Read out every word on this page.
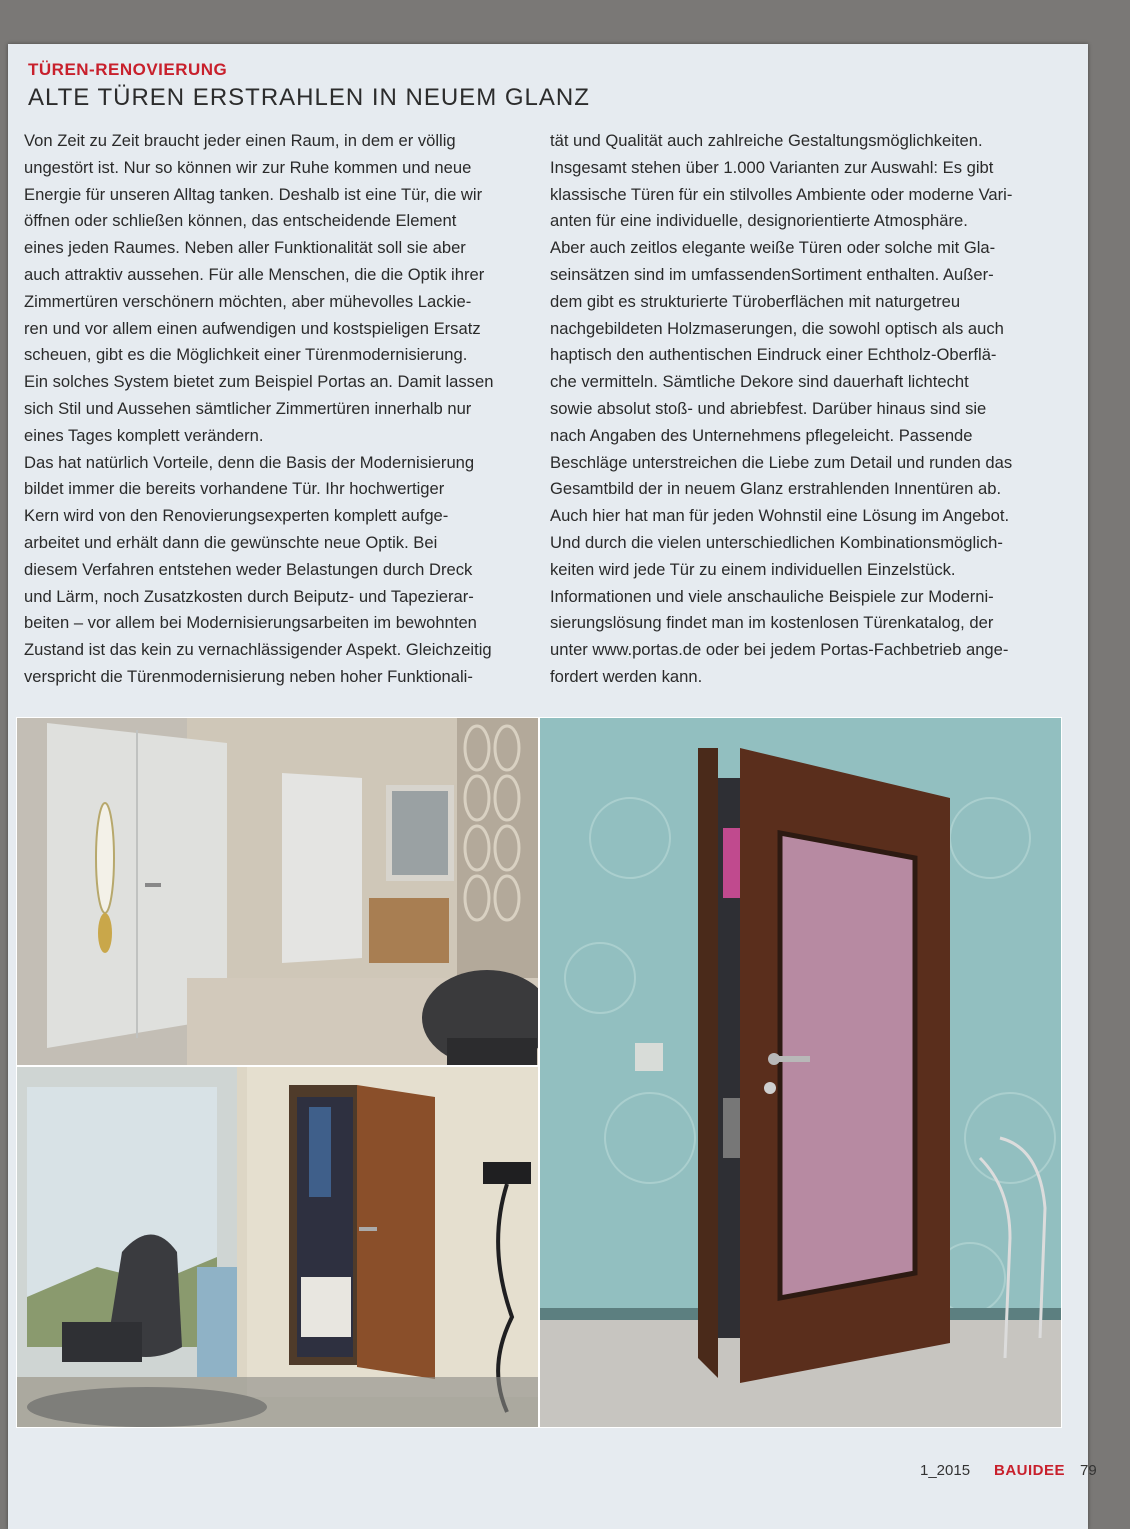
TÜREN-RENOVIERUNG
ALTE TÜREN ERSTRAHLEN IN NEUEM GLANZ
Von Zeit zu Zeit braucht jeder einen Raum, in dem er völlig
ungestört ist. Nur so können wir zur Ruhe kommen und neue
Energie für unseren Alltag tanken. Deshalb ist eine Tür, die wir
öffnen oder schließen können, das entscheidende Element
eines jeden Raumes. Neben aller Funktionalität soll sie aber
auch attraktiv aussehen. Für alle Menschen, die die Optik ihrer
Zimmertüren verschönern möchten, aber mühevolles Lackie-
ren und vor allem einen aufwendigen und kostspieligen Ersatz
scheuen, gibt es die Möglichkeit einer Türenmodernisierung.
Ein solches System bietet zum Beispiel Portas an. Damit lassen
sich Stil und Aussehen sämtlicher Zimmertüren innerhalb nur
eines Tages komplett verändern.
Das hat natürlich Vorteile, denn die Basis der Modernisierung
bildet immer die bereits vorhandene Tür. Ihr hochwertiger
Kern wird von den Renovierungsexperten komplett aufge-
arbeitet und erhält dann die gewünschte neue Optik. Bei
diesem Verfahren entstehen weder Belastungen durch Dreck
und Lärm, noch Zusatzkosten durch Beiputz- und Tapezierar-
beiten – vor allem bei Modernisierungsarbeiten im bewohnten
Zustand ist das kein zu vernachlässigender Aspekt. Gleichzeitig
verspricht die Türenmodernisierung neben hoher Funktionali-
tät und Qualität auch zahlreiche Gestaltungsmöglichkeiten.
Insgesamt stehen über 1.000 Varianten zur Auswahl: Es gibt
klassische Türen für ein stilvolles Ambiente oder moderne Vari-
anten für eine individuelle, designorientierte Atmosphäre.
Aber auch zeitlos elegante weiße Türen oder solche mit Gla-
seinsätzen sind im umfassendenSortiment enthalten. Außer-
dem gibt es strukturierte Türoberflächen mit naturgetreu
nachgebildeten Holzmaserungen, die sowohl optisch als auch
haptisch den authentischen Eindruck einer Echtholz-Oberflä-
che vermitteln. Sämtliche Dekore sind dauerhaft lichtecht
sowie absolut stoß- und abriebfest. Darüber hinaus sind sie
nach Angaben des Unternehmens pflegeleicht. Passende
Beschläge unterstreichen die Liebe zum Detail und runden das
Gesamtbild der in neuem Glanz erstrahlenden Innentüren ab.
Auch hier hat man für jeden Wohnstil eine Lösung im Angebot.
Und durch die vielen unterschiedlichen Kombinationsmöglich-
keiten wird jede Tür zu einem individuellen Einzelstück.
Informationen und viele anschauliche Beispiele zur Moderni-
sierungslösung findet man im kostenlosen Türenkatalog, der
unter www.portas.de oder bei jedem Portas-Fachbetrieb ange-
fordert werden kann.
1_2015 BAUIDEE 79
